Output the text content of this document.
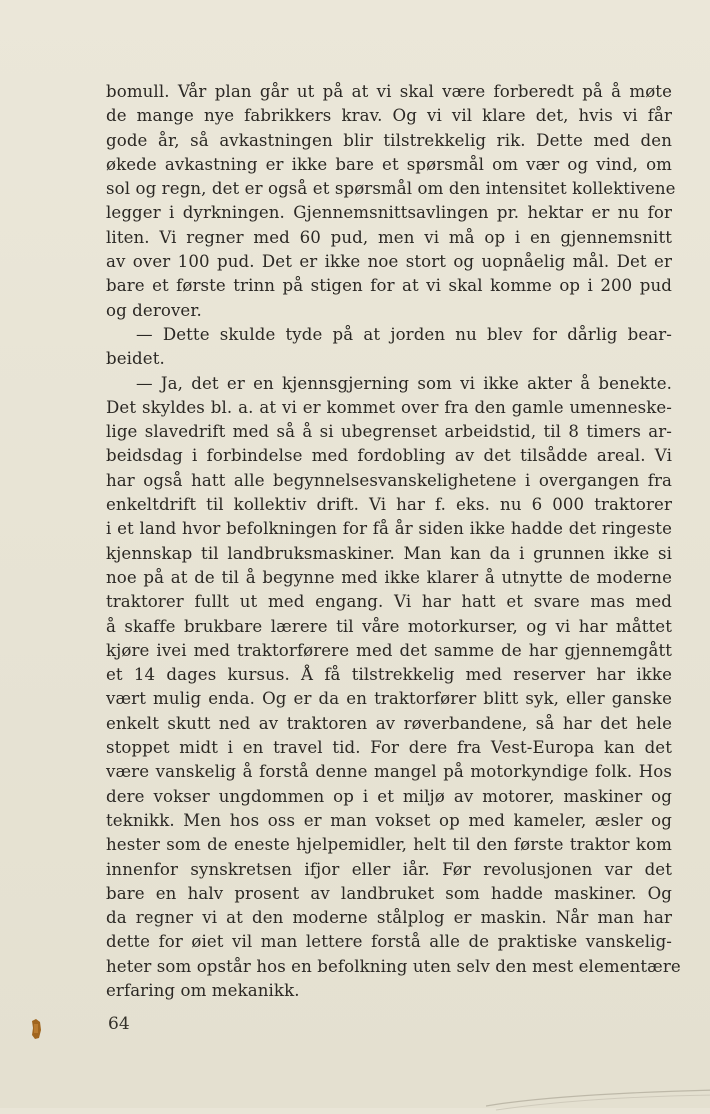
bomull. Vår plan går ut på at vi skal være forberedt på å møte
de mange nye fabrikkers krav. Og vi vil klare det, hvis vi får
gode år, så avkastningen blir tilstrekkelig rik. Dette med den
økede avkastning er ikke bare et spørsmål om vær og vind, om
sol og regn, det er også et spørsmål om den intensitet kollektivene
legger i dyrkningen. Gjennemsnittsavlingen pr. hektar er nu for
liten. Vi regner med 60 pud, men vi må op i en gjennemsnitt
av over 100 pud. Det er ikke noe stort og uopnåelig mål. Det er
bare et første trinn på stigen for at vi skal komme op i 200 pud
og derover.
— Dette skulde tyde på at jorden nu blev for dårlig bear-
beidet.
— Ja, det er en kjennsgjerning som vi ikke akter å benekte.
Det skyldes bl. a. at vi er kommet over fra den gamle umenneske-
lige slavedrift med så å si ubegrenset arbeidstid, til 8 timers ar-
beidsdag i forbindelse med fordobling av det tilsådde areal. Vi
har også hatt alle begynnelsesvanskelighetene i overgangen fra
enkeltdrift til kollektiv drift. Vi har f. eks. nu 6 000 traktorer
i et land hvor befolkningen for få år siden ikke hadde det ringeste
kjennskap til landbruksmaskiner. Man kan da i grunnen ikke si
noe på at de til å begynne med ikke klarer å utnytte de moderne
traktorer fullt ut med engang. Vi har hatt et svare mas med
å skaffe brukbare lærere til våre motorkurser, og vi har måttet
kjøre ivei med traktorførere med det samme de har gjennemgått
et 14 dages kursus. Å få tilstrekkelig med reserver har ikke
vært mulig enda. Og er da en traktorfører blitt syk, eller ganske
enkelt skutt ned av traktoren av røverbandene, så har det hele
stoppet midt i en travel tid. For dere fra Vest-Europa kan det
være vanskelig å forstå denne mangel på motorkyndige folk. Hos
dere vokser ungdommen op i et miljø av motorer, maskiner og
teknikk. Men hos oss er man vokset op med kameler, æsler og
hester som de eneste hjelpemidler, helt til den første traktor kom
innenfor synskretsen ifjor eller iår. Før revolusjonen var det
bare en halv prosent av landbruket som hadde maskiner. Og
da regner vi at den moderne stålplog er maskin. Når man har
dette for øiet vil man lettere forstå alle de praktiske vanskelig-
heter som opstår hos en befolkning uten selv den mest elementære
erfaring om mekanikk.
64
